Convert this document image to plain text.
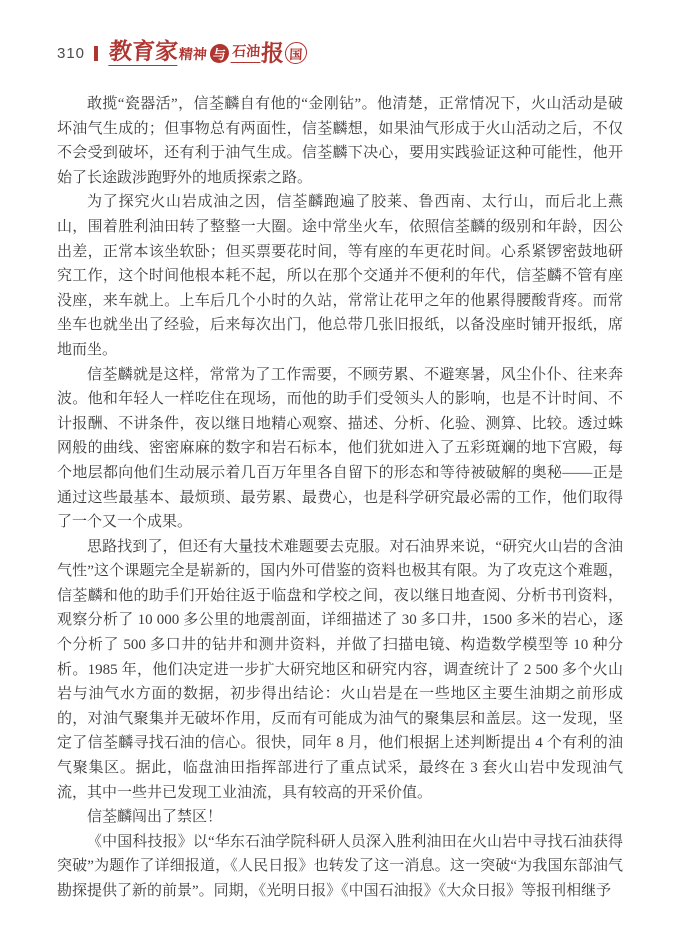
310 教育家 精神 与 石油 报 国

敢揽“瓷器活”，信荃麟自有他的“金刚钻”。他清楚，正常情况下，火山活动是破坏油气生成的；但事物总有两面性，信荃麟想，如果油气形成于火山活动之后，不仅不会受到破坏，还有利于油气生成。信荃麟下决心，要用实践验证这种可能性，他开始了长途跋涉跑野外的地质探索之路。

为了探究火山岩成油之因，信荃麟跑遍了胶莱、鲁西南、太行山，而后北上燕山，围着胜利油田转了整整一大圈。途中常坐火车，依照信荃麟的级别和年龄，因公出差，正常本该坐软卧；但买票要花时间，等有座的车更花时间。心系紧锣密鼓地研究工作，这个时间他根本耗不起，所以在那个交通并不便利的年代，信荃麟不管有座没座，来车就上。上车后几个小时的久站，常常让花甲之年的他累得腰酸背疼。而常坐车也就坐出了经验，后来每次出门，他总带几张旧报纸，以备没座时铺开报纸，席地而坐。

信荃麟就是这样，常常为了工作需要，不顾劳累、不避寒暑，风尘仆仆、往来奔波。他和年轻人一样吃住在现场，而他的助手们受领头人的影响，也是不计时间、不计报酬、不讲条件，夜以继日地精心观察、描述、分析、化验、测算、比较。透过蛛网般的曲线、密密麻麻的数字和岩石标本，他们犹如进入了五彩斑斓的地下宫殿，每个地层都向他们生动展示着几百万年里各自留下的形态和等待被破解的奥秘——正是通过这些最基本、最烦琐、最劳累、最费心，也是科学研究最必需的工作，他们取得了一个又一个成果。

思路找到了，但还有大量技术难题要去克服。对石油界来说，“研究火山岩的含油气性”这个课题完全是崭新的，国内外可借鉴的资料也极其有限。为了攻克这个难题，信荃麟和他的助手们开始往返于临盘和学校之间，夜以继日地查阅、分析书刊资料，观察分析了 10 000 多公里的地震剖面，详细描述了 30 多口井，1500 多米的岩心，逐个分析了 500 多口井的钻井和测井资料，并做了扫描电镜、构造数学模型等 10 种分析。1985 年，他们决定进一步扩大研究地区和研究内容，调查统计了 2 500 多个火山岩与油气水方面的数据，初步得出结论：火山岩是在一些地区主要生油期之前形成的，对油气聚集并无破坏作用，反而有可能成为油气的聚集层和盖层。这一发现，坚定了信荃麟寻找石油的信心。很快，同年 8 月，他们根据上述判断提出 4 个有利的油气聚集区。据此，临盘油田指挥部进行了重点试采，最终在 3 套火山岩中发现油气流，其中一些井已发现工业油流，具有较高的开采价值。

信荃麟闯出了禁区！

《中国科技报》以“华东石油学院科研人员深入胜利油田在火山岩中寻找石油获得突破”为题作了详细报道，《人民日报》也转发了这一消息。这一突破“为我国东部油气勘探提供了新的前景”。同期，《光明日报》《中国石油报》《大众日报》等报刊相继予
